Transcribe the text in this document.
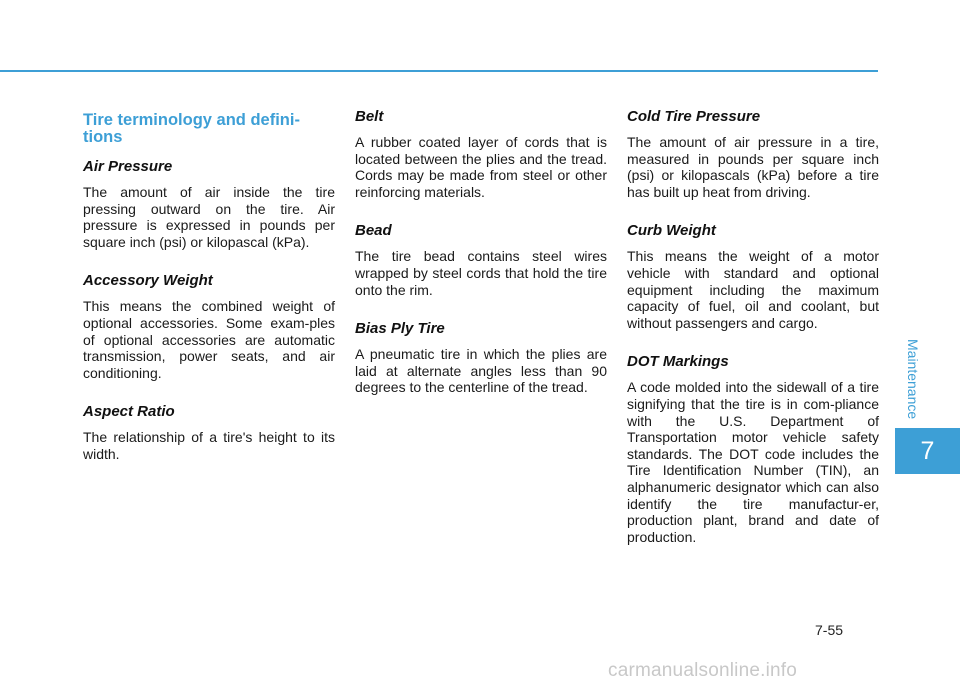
Tire terminology and defini-
tions
Air Pressure

The amount of air inside the tire pressing outward on the tire. Air pressure is expressed in pounds per square inch (psi) or kilopascal (kPa).

Accessory Weight

This means the combined weight of optional accessories. Some exam-ples of optional accessories are automatic transmission, power seats, and air conditioning.

Aspect Ratio

The relationship of a tire's height to its width.

Belt

A rubber coated layer of cords that is located between the plies and the tread. Cords may be made from steel or other reinforcing materials.

Bead

The tire bead contains steel wires wrapped by steel cords that hold the tire onto the rim.

Bias Ply Tire

A pneumatic tire in which the plies are laid at alternate angles less than 90 degrees to the centerline of the tread.

Cold Tire Pressure

The amount of air pressure in a tire, measured in pounds per square inch (psi) or kilopascals (kPa) before a tire has built up heat from driving.

Curb Weight

This means the weight of a motor vehicle with standard and optional equipment including the maximum capacity of fuel, oil and coolant, but without passengers and cargo.

DOT Markings

A code molded into the sidewall of a tire signifying that the tire is in com-pliance with the U.S. Department of Transportation motor vehicle safety standards. The DOT code includes the Tire Identification Number (TIN), an alphanumeric designator which can also identify the tire manufactur-er, production plant, brand and date of production.

Maintenance
7
7-55
carmanualsonline.info
